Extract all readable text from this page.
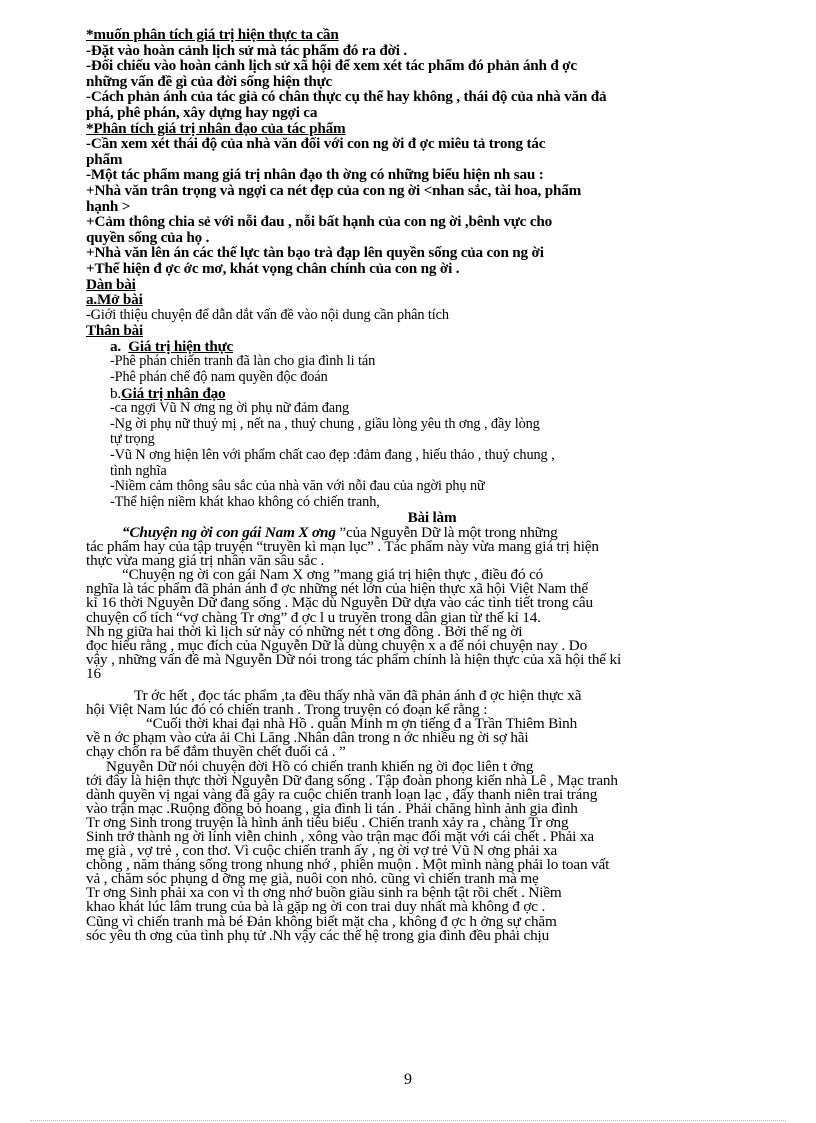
*muốn phân tích giá trị hiện thực ta cần
-Đặt vào hoàn cảnh lịch sử mà tác phẩm đó ra đời .
-Đối chiếu vào hoàn cảnh lịch sử xã hội để xem xét tác phẩm đó phản ánh đ ợc
những vấn đề gì của đời sống hiện thực
-Cách phản ánh của tác giả có chân thực cụ thể hay không , thái độ của nhà văn đả
phá, phê phán, xây dựng hay ngợi ca
*Phân tích giá trị nhân đạo của tác phẩm
-Cần xem xét thái độ của nhà văn đối với con ng ời đ ợc miêu tả trong tác
phẩm
-Một tác phẩm mang giá trị nhân đạo th ờng có những biểu hiện nh sau :
+Nhà văn trân trọng và ngợi ca nét đẹp của con ng ời <nhan sắc, tài hoa, phẩm
hạnh >
+Cảm thông chia sẻ với nỗi đau , nỗi bất hạnh của con ng ời ,bênh vực cho
quyền sống của họ .
+Nhà văn lên án các thế lực tàn bạo trà đạp lên quyền sống của con ng ời
+Thể hiện đ ợc ớc mơ, khát vọng chân chính của con ng ời .
Dàn bài
a.Mở bài
-Giới thiệu chuyện để dẫn dắt vấn đề vào nội dung cần phân tích
Thân bài
a. Giá trị hiện thực
-Phê phán chiến tranh đã làn cho gia đình li tán
-Phê phán chế độ nam quyền độc đoán
b.Giá trị nhân đạo
-ca ngợi Vũ N ơng ng ời phụ nữ đảm đang
-Ng ời phụ nữ thuỷ mị , nết na , thuỷ chung , giầu lòng yêu th ơng , đầy lòng
tự trọng
-Vũ N ơng hiện lên với phẩm chất cao đẹp :đảm đang , hiếu thảo , thuỷ chung ,
tình nghĩa
-Niềm cảm thông sâu sắc của nhà văn với nỗi đau của ngời phụ nữ
-Thể hiện niềm khát khao không có chiến tranh,
Bài làm
“Chuyện ng ời con gái Nam X ơng ”của Nguyễn Dữ là một trong những
tác phẩm hay của tập truyện “truyền kì mạn lục” . Tác phẩm này vừa mang giá trị hiện
thực vừa mang giá trị nhân văn sâu sắc .
“Chuyện ng ời con gái Nam X ơng ”mang giá trị hiện thực , điều đó có
nghĩa là tác phẩm đã phản ánh đ ợc những nét lớn của hiện thực xã hội Việt Nam thế
kỉ 16 thời Nguyễn Dữ đang sống . Mặc dù Nguyễn Dữ dựa vào các tình tiết trong câu
chuyện cổ tích “vợ chàng Tr ơng” đ ợc l u truyền trong dân gian từ thế kỉ 14.
Nh ng giữa hai thời kì lịch sử này có những nét t ơng đồng . Bởi thế ng ời
đọc hiểu rằng , mục đích của Nguyễn Dữ là dùng chuyện x a để nói chuyện nay . Do
vậy , những vấn đề mà Nguyễn Dữ nói trong tác phẩm chính là hiện thực của xã hội thế kỉ
16
Tr ớc hết , đọc tác phẩm ,ta đều thấy nhà văn đã phản ánh đ ợc hiện thực xã
hội Việt Nam lúc đó có chiến tranh . Trong truyện có đoạn kể rằng :
“Cuối thời khai đại nhà Hồ . quân Minh m ợn tiếng đ a Trần Thiêm Bình
về n ớc phạm vào cửa ải Chi Lăng .Nhân dân trong n ớc nhiều ng ời sợ hãi
chạy chốn ra bể đắm thuyền chết đuối cả . ”
Nguyễn Dữ nói chuyện đời Hồ có chiến tranh khiến ng ời đọc liên t ởng
tới đây là hiện thực thời Nguyễn Dữ đang sống . Tập đoàn phong kiến nhà Lê , Mạc tranh
dành quyền vị ngai vàng đã gây ra cuộc chiến tranh loạn lạc , đẩy thanh niên trai tráng
vào trận mạc .Ruộng đồng bỏ hoang , gia đình li tán . Phải chăng hình ảnh gia đình
Tr ơng Sinh trong truyện là hình ảnh tiêu biểu . Chiến tranh xảy ra , chàng Tr ơng
Sinh trở thành ng ời lính viễn chinh , xông vào trận mạc đối mặt với cái chết . Phải xa
mẹ già , vợ trẻ , con thơ. Vì cuộc chiến tranh ấy , ng ời vợ trẻ Vũ N ơng phải xa
chồng , năm tháng sống trong nhung nhớ , phiền muộn . Một mình nàng phải lo toan vất
vả , chăm sóc phụng d ỡng mẹ già, nuôi con nhỏ. cũng vì chiến tranh mà mẹ
Tr ơng Sinh phải xa con vì th ơng nhớ buồn giầu sinh ra bệnh tật rồi chết . Niềm
khao khát lúc lâm trung của bà là gặp ng ời con trai duy nhất mà không đ ợc .
Cũng vì chiến tranh mà bé Đản không biết mặt cha , không đ ợc h ởng sự chăm
sóc yêu th ơng của tình phụ tử .Nh vậy các thế hệ trong gia đình đều phải chịu
9
